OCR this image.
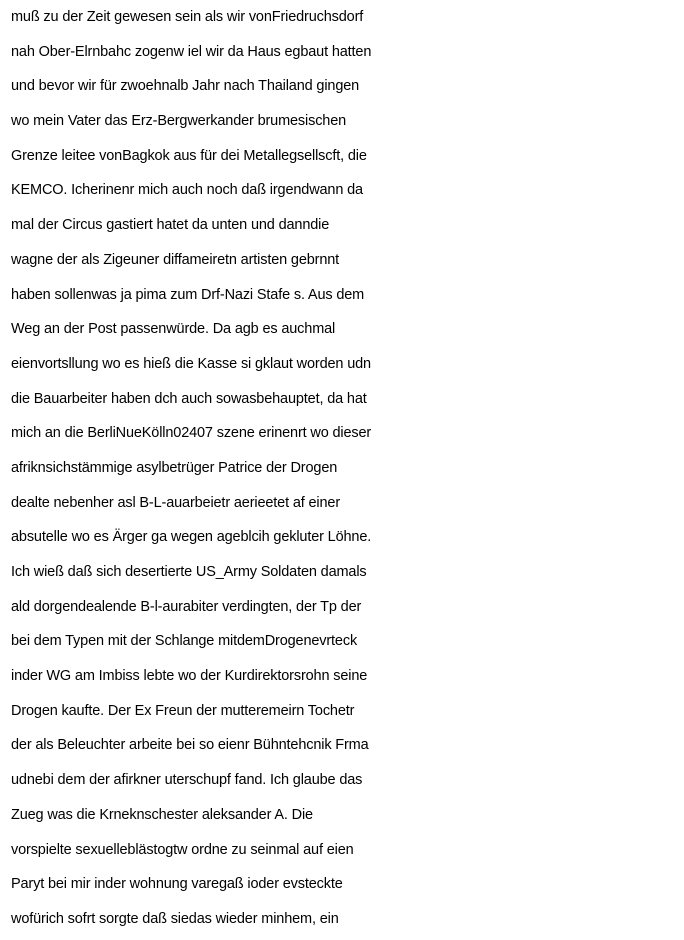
muß zu der Zeit gewesen sein als wir vonFriedruchsdorf
nah Ober-Elrnbahc zogenw iel wir da Haus egbaut hatten
und bevor wir für zwoehnalb Jahr nach Thailand gingen
wo mein Vater das Erz-Bergwerkander brumesischen
Grenze leitee vonBagkok aus für dei Metallegsellscft, die
KEMCO. Icherinenr mich auch noch daß irgendwann da
mal der Circus gastiert hatet da unten und danndie
wagne der als Zigeuner diffameiretn artisten gebrnnt
haben sollenwas ja pima zum Drf-Nazi Stafe s. Aus dem
Weg an der Post passenwürde. Da agb es auchmal
eienvortsllung wo es hieß die Kasse si gklaut worden udn
die Bauarbeiter haben dch auch sowasbehauptet, da hat
mich an die BerliNueKölln02407 szene erinenrt wo dieser
afriknsichstämmige asylbetrüger Patrice der Drogen
dealte nebenher asl B-L-auarbeietr aerieetet af einer
absutelle wo es Ärger ga wegen ageblcih gekluter Löhne.
Ich wieß daß sich desertierte US_Army Soldaten damals
ald dorgendealende B-l-aurabiter verdingten, der Tp der
bei dem Typen mit der Schlange mitdemDrogenevrteck
inder WG am Imbiss lebte wo der Kurdirektorsrohn seine
Drogen kaufte. Der Ex Freun der mutteremeirn Tochetr
der als Beleuchter arbeite bei so eienr Bühntehcnik Frma
udnebi dem der afirkner uterschupf fand. Ich glaube das
Zueg was die Krneknschester aleksander A. Die
vorspielte sexuelleblästogtw ordne zu seinmal auf eien
Paryt bei mir inder wohnung varegaß ioder evsteckte
wofürich sofrt sorgte daß siedas wieder minhem, ein
